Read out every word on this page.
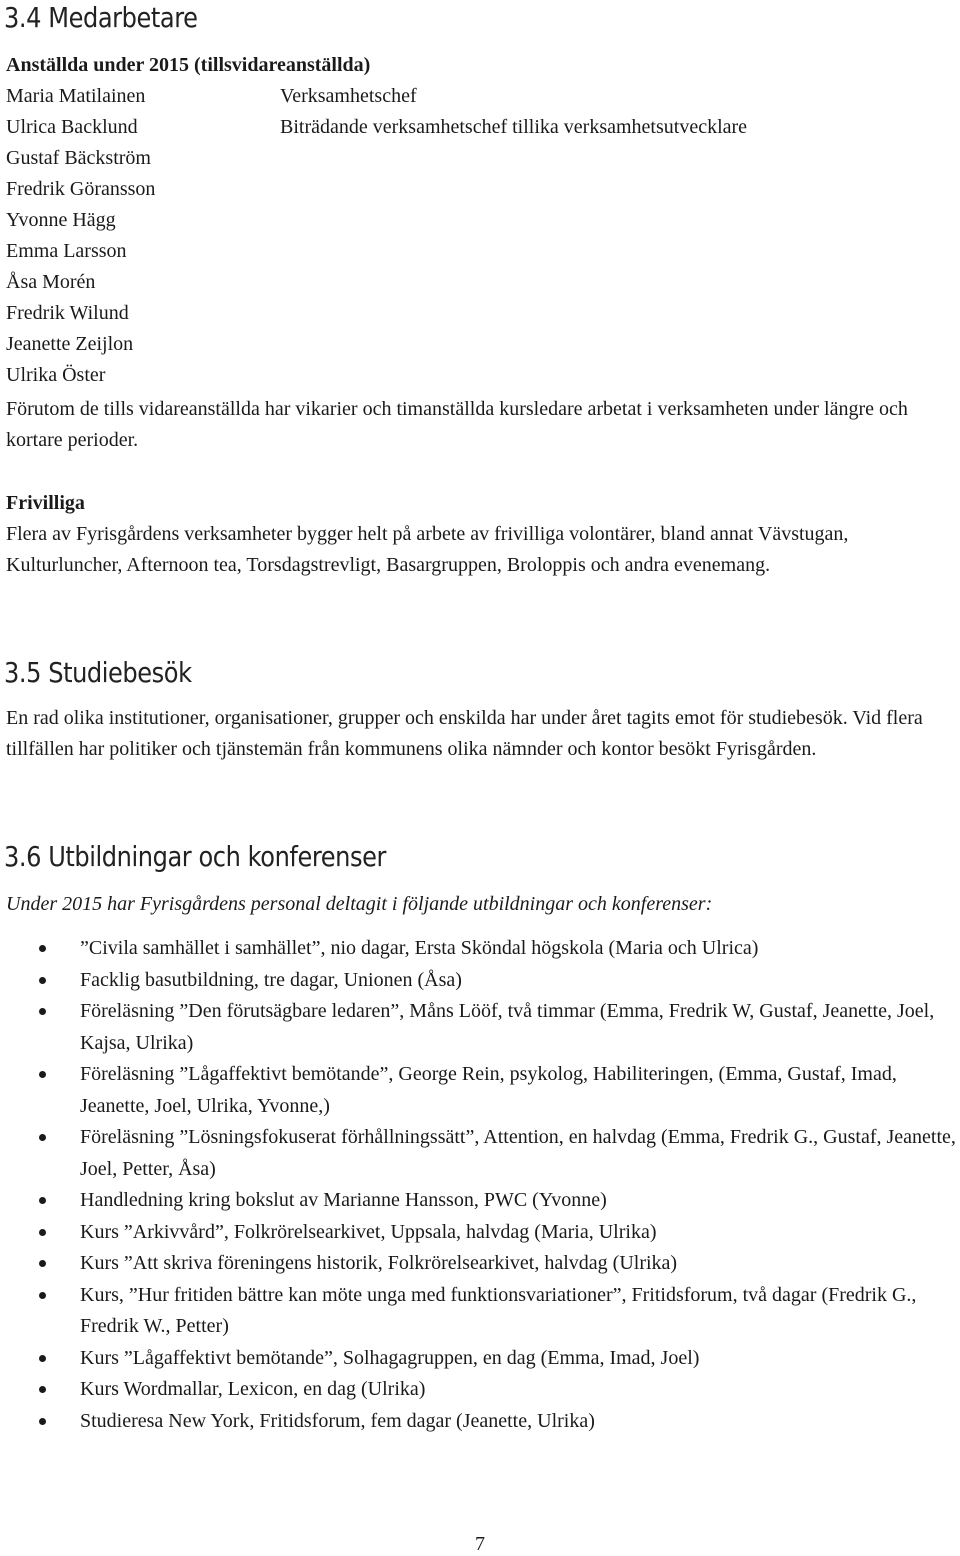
3.4 Medarbetare

Anställda under 2015 (tillsvidareanställda)

Maria Matilainen	Verksamhetschef
Ulrica Backlund	Biträdande verksamhetschef tillika verksamhetsutvecklare
Gustaf Bäckström
Fredrik Göransson
Yvonne Hägg
Emma Larsson
Åsa Morén
Fredrik Wilund
Jeanette Zeijlon
Ulrika Öster

Förutom de tills vidareanställda har vikarier och timanställda kursledare arbetat i verksamheten under längre och kortare perioder.

Frivilliga

Flera av Fyrisgårdens verksamheter bygger helt på arbete av frivilliga volontärer, bland annat Vävstugan, Kulturluncher, Afternoon tea, Torsdagstrevligt, Basargruppen, Broloppis och andra evenemang.

3.5 Studiebesök

En rad olika institutioner, organisationer, grupper och enskilda har under året tagits emot för studiebesök. Vid flera tillfällen har politiker och tjänstemän från kommunens olika nämnder och kontor besökt Fyrisgården.

3.6 Utbildningar och konferenser

Under 2015 har Fyrisgårdens personal deltagit i följande utbildningar och konferenser:

”Civila samhället i samhället”, nio dagar, Ersta Sköndal högskola (Maria och Ulrica)
Facklig basutbildning, tre dagar, Unionen (Åsa)
Föreläsning ”Den förutsägbare ledaren”, Måns Lööf, två timmar (Emma, Fredrik W, Gustaf, Jeanette, Joel, Kajsa, Ulrika)
Föreläsning ”Lågaffektivt bemötande”, George Rein, psykolog, Habiliteringen, (Emma, Gustaf, Imad, Jeanette, Joel, Ulrika, Yvonne,)
Föreläsning ”Lösningsfokuserat förhållningssätt”, Attention, en halvdag (Emma, Fredrik G., Gustaf, Jeanette, Joel, Petter, Åsa)
Handledning kring bokslut av Marianne Hansson, PWC (Yvonne)
Kurs ”Arkivvård”, Folkrörelsearkivet, Uppsala, halvdag (Maria, Ulrika)
Kurs ”Att skriva föreningens historik, Folkrörelsearkivet, halvdag (Ulrika)
Kurs, ”Hur fritiden bättre kan möte unga med funktionsvariationer”, Fritidsforum, två dagar (Fredrik G., Fredrik W., Petter)
Kurs ”Lågaffektivt bemötande”, Solhagagruppen, en dag (Emma, Imad, Joel)
Kurs Wordmallar, Lexicon, en dag (Ulrika)
Studieresa New York, Fritidsforum, fem dagar (Jeanette, Ulrika)
7
